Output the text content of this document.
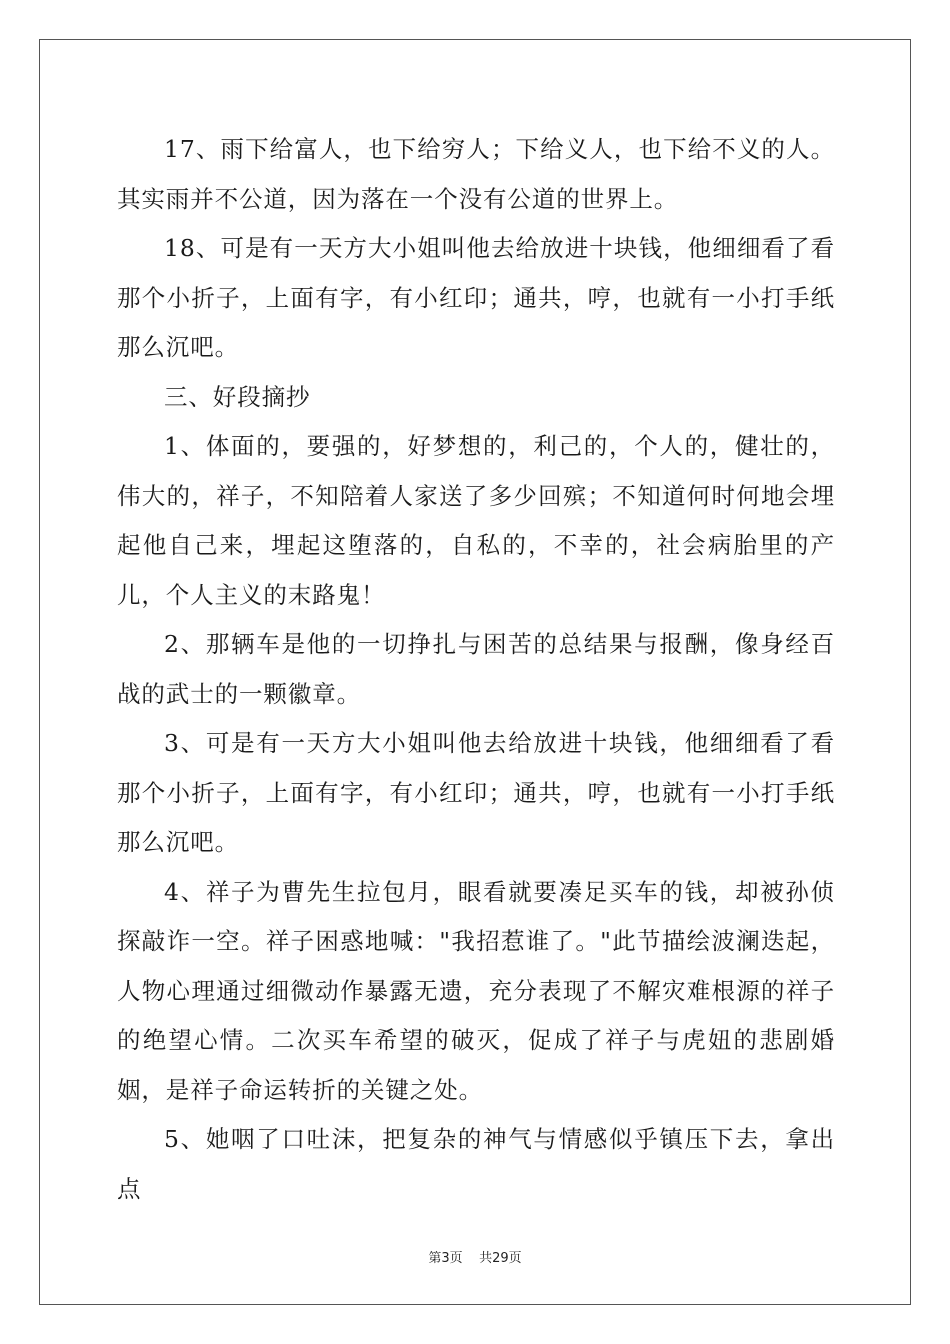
17、雨下给富人，也下给穷人；下给义人，也下给不义的人。其实雨并不公道，因为落在一个没有公道的世界上。

18、可是有一天方大小姐叫他去给放进十块钱，他细细看了看那个小折子，上面有字，有小红印；通共，哼，也就有一小打手纸那么沉吧。

三、好段摘抄

1、体面的，要强的，好梦想的，利己的，个人的，健壮的，伟大的，祥子，不知陪着人家送了多少回殡；不知道何时何地会埋起他自己来，埋起这堕落的，自私的，不幸的，社会病胎里的产儿，个人主义的末路鬼！

2、那辆车是他的一切挣扎与困苦的总结果与报酬，像身经百战的武士的一颗徽章。

3、可是有一天方大小姐叫他去给放进十块钱，他细细看了看那个小折子，上面有字，有小红印；通共，哼，也就有一小打手纸那么沉吧。

4、祥子为曹先生拉包月，眼看就要凑足买车的钱，却被孙侦探敲诈一空。祥子困惑地喊："我招惹谁了。"此节描绘波澜迭起，人物心理通过细微动作暴露无遗，充分表现了不解灾难根源的祥子的绝望心情。二次买车希望的破灭，促成了祥子与虎妞的悲剧婚姻，是祥子命运转折的关键之处。

5、她咽了口吐沫，把复杂的神气与情感似乎镇压下去，拿出点

第3页 共29页
